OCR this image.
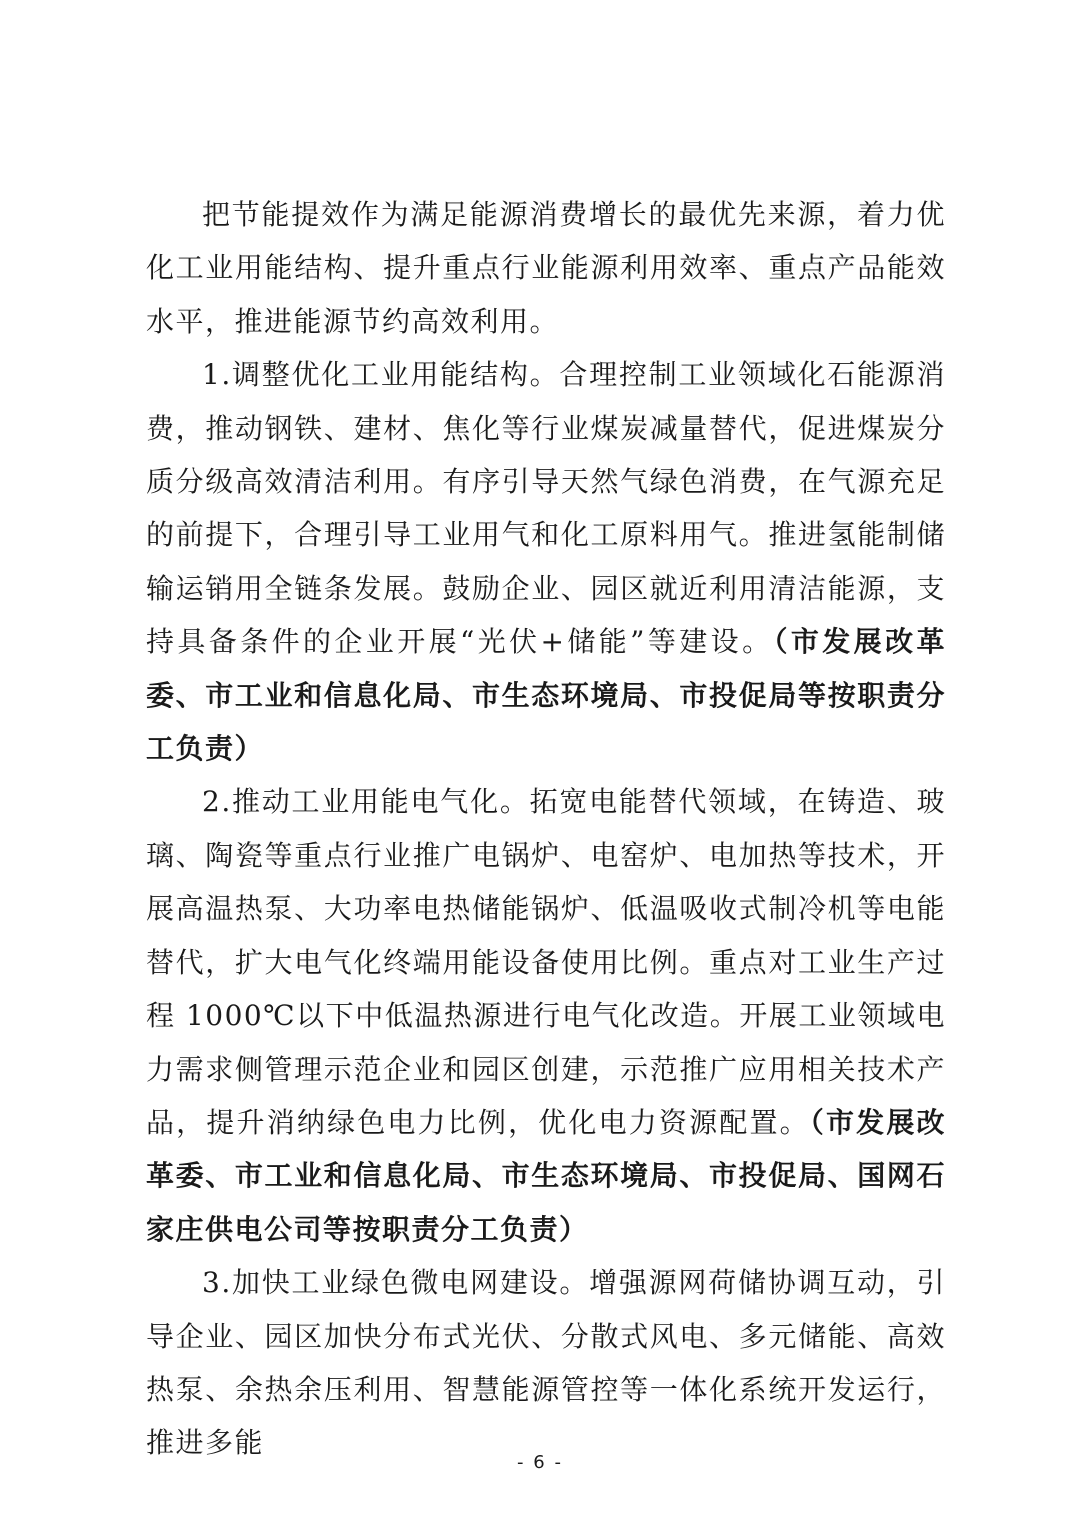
把节能提效作为满足能源消费增长的最优先来源，着力优化工业用能结构、提升重点行业能源利用效率、重点产品能效水平，推进能源节约高效利用。

1.调整优化工业用能结构。合理控制工业领域化石能源消费，推动钢铁、建材、焦化等行业煤炭减量替代，促进煤炭分质分级高效清洁利用。有序引导天然气绿色消费，在气源充足的前提下，合理引导工业用气和化工原料用气。推进氢能制储输运销用全链条发展。鼓励企业、园区就近利用清洁能源，支持具备条件的企业开展“光伏+储能”等建设。（市发展改革委、市工业和信息化局、市生态环境局、市投促局等按职责分工负责）

2.推动工业用能电气化。拓宽电能替代领域，在铸造、玻璃、陶瓷等重点行业推广电锅炉、电窑炉、电加热等技术，开展高温热泵、大功率电热储能锅炉、低温吸收式制冷机等电能替代，扩大电气化终端用能设备使用比例。重点对工业生产过程 1000℃以下中低温热源进行电气化改造。开展工业领域电力需求侧管理示范企业和园区创建，示范推广应用相关技术产品，提升消纳绿色电力比例，优化电力资源配置。（市发展改革委、市工业和信息化局、市生态环境局、市投促局、国网石家庄供电公司等按职责分工负责）

3.加快工业绿色微电网建设。增强源网荷储协调互动，引导企业、园区加快分布式光伏、分散式风电、多元储能、高效热泵、余热余压利用、智慧能源管控等一体化系统开发运行，推进多能

- 6 -
